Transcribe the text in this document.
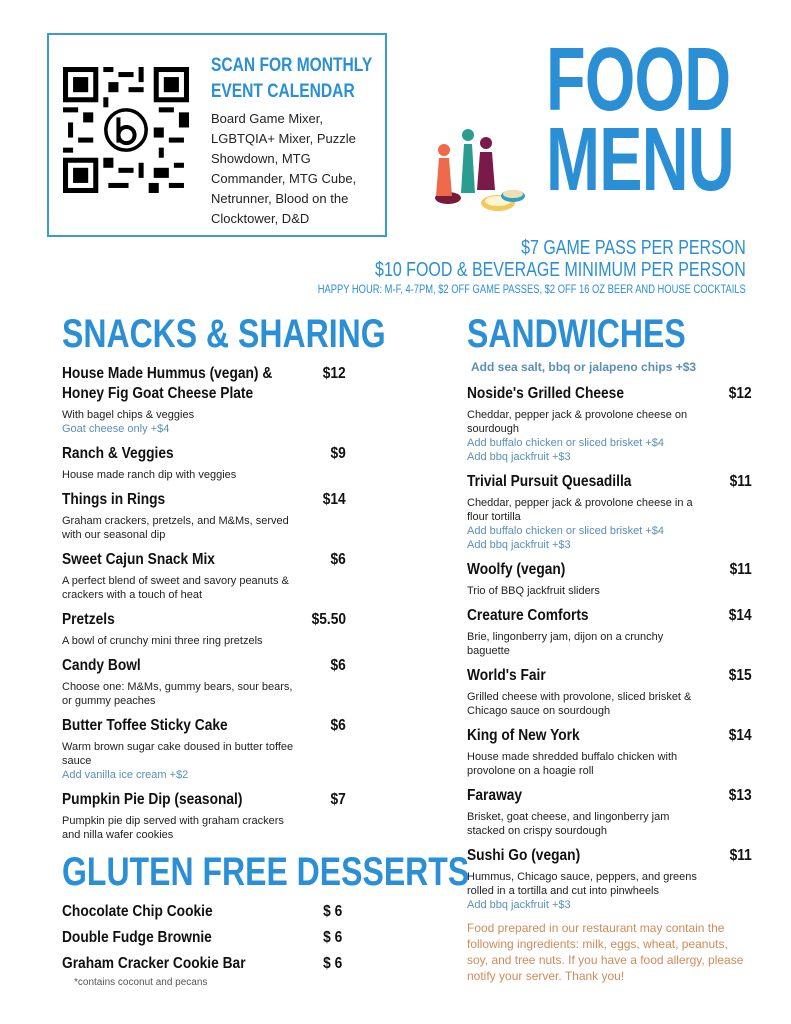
SCAN FOR MONTHLY
EVENT CALENDAR
Board Game Mixer, LGBTQIA+ Mixer, Puzzle Showdown, MTG Commander, MTG Cube, Netrunner, Blood on the Clocktower, D&D
FOOD
MENU
$7 GAME PASS PER PERSON
$10 FOOD & BEVERAGE MINIMUM PER PERSON
HAPPY HOUR: M-F, 4-7PM, $2 OFF GAME PASSES, $2 OFF 16 OZ BEER AND HOUSE COCKTAILS
SNACKS & SHARING
House Made Hummus (vegan) &
Honey Fig Goat Cheese Plate
$12
With bagel chips & veggies
Goat cheese only +$4
Ranch & Veggies	$9
House made ranch dip with veggies
Things in Rings	$14
Graham crackers, pretzels, and M&Ms, served with our seasonal dip
Sweet Cajun Snack Mix	$6
A perfect blend of sweet and savory peanuts & crackers with a touch of heat
Pretzels	$5.50
A bowl of crunchy mini three ring pretzels
Candy Bowl	$6
Choose one: M&Ms, gummy bears, sour bears, or gummy peaches
Butter Toffee Sticky Cake	$6
Warm brown sugar cake doused in butter toffee sauce
Add vanilla ice cream +$2
Pumpkin Pie Dip (seasonal)	$7
Pumpkin pie dip served with graham crackers and nilla wafer cookies
GLUTEN FREE DESSERTS
Chocolate Chip Cookie	$ 6
Double Fudge Brownie	$ 6
Graham Cracker Cookie Bar	$ 6
*contains coconut and pecans
SANDWICHES
Add sea salt, bbq or jalapeno chips +$3
Noside's Grilled Cheese	$12
Cheddar, pepper jack & provolone cheese on sourdough
Add buffalo chicken or sliced brisket +$4
Add bbq jackfruit +$3
Trivial Pursuit Quesadilla	$11
Cheddar, pepper jack & provolone cheese in a flour tortilla
Add buffalo chicken or sliced brisket +$4
Add bbq jackfruit +$3
Woolfy (vegan)	$11
Trio of BBQ jackfruit sliders
Creature Comforts	$14
Brie, lingonberry jam, dijon on a crunchy baguette
World's Fair	$15
Grilled cheese with provolone, sliced brisket & Chicago sauce on sourdough
King of New York	$14
House made shredded buffalo chicken with provolone on a hoagie roll
Faraway	$13
Brisket, goat cheese, and lingonberry jam stacked on crispy sourdough
Sushi Go (vegan)	$11
Hummus, Chicago sauce, peppers, and greens rolled in a tortilla and cut into pinwheels
Add bbq jackfruit +$3
Food prepared in our restaurant may contain the following ingredients: milk, eggs, wheat, peanuts, soy, and tree nuts. If you have a food allergy, please notify your server. Thank you!
